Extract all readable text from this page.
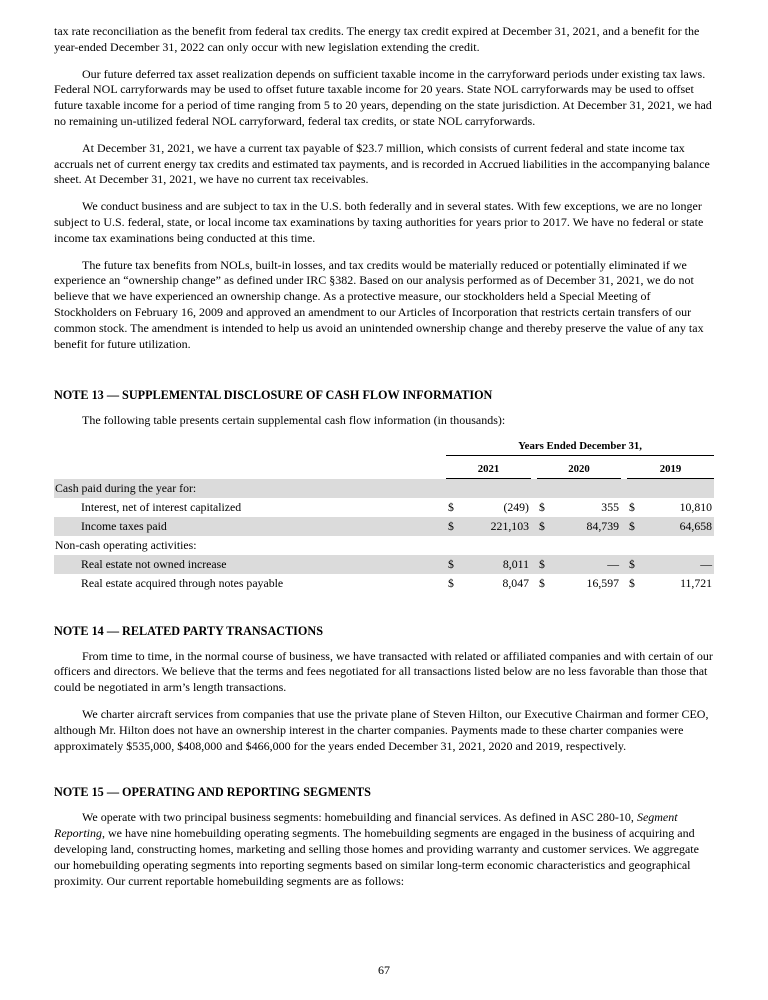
tax rate reconciliation as the benefit from federal tax credits. The energy tax credit expired at December 31, 2021, and a benefit for the year-ended December 31, 2022 can only occur with new legislation extending the credit.

Our future deferred tax asset realization depends on sufficient taxable income in the carryforward periods under existing tax laws. Federal NOL carryforwards may be used to offset future taxable income for 20 years. State NOL carryforwards may be used to offset future taxable income for a period of time ranging from 5 to 20 years, depending on the state jurisdiction. At December 31, 2021, we had no remaining un-utilized federal NOL carryforward, federal tax credits, or state NOL carryforwards.

At December 31, 2021, we have a current tax payable of $23.7 million, which consists of current federal and state income tax accruals net of current energy tax credits and estimated tax payments, and is recorded in Accrued liabilities in the accompanying balance sheet. At December 31, 2021, we have no current tax receivables.

We conduct business and are subject to tax in the U.S. both federally and in several states. With few exceptions, we are no longer subject to U.S. federal, state, or local income tax examinations by taxing authorities for years prior to 2017. We have no federal or state income tax examinations being conducted at this time.

The future tax benefits from NOLs, built-in losses, and tax credits would be materially reduced or potentially eliminated if we experience an “ownership change” as defined under IRC §382. Based on our analysis performed as of December 31, 2021, we do not believe that we have experienced an ownership change. As a protective measure, our stockholders held a Special Meeting of Stockholders on February 16, 2009 and approved an amendment to our Articles of Incorporation that restricts certain transfers of our common stock. The amendment is intended to help us avoid an unintended ownership change and thereby preserve the value of any tax benefit for future utilization.

NOTE 13 — SUPPLEMENTAL DISCLOSURE OF CASH FLOW INFORMATION

The following table presents certain supplemental cash flow information (in thousands):

	Years Ended December 31,							
	2021			2020			2019	
Cash paid during the year for:								
Interest, net of interest capitalized	$	(249)		$	355		$	10,810
Income taxes paid	$	221,103		$	84,739		$	64,658
Non-cash operating activities:								
Real estate not owned increase	$	8,011		$	—		$	—
Real estate acquired through notes payable	$	8,047		$	16,597		$	11,721
NOTE 14 — RELATED PARTY TRANSACTIONS

From time to time, in the normal course of business, we have transacted with related or affiliated companies and with certain of our officers and directors. We believe that the terms and fees negotiated for all transactions listed below are no less favorable than those that could be negotiated in arm’s length transactions.

We charter aircraft services from companies that use the private plane of Steven Hilton, our Executive Chairman and former CEO, although Mr. Hilton does not have an ownership interest in the charter companies. Payments made to these charter companies were approximately $535,000, $408,000 and $466,000 for the years ended December 31, 2021, 2020 and 2019, respectively.

NOTE 15 — OPERATING AND REPORTING SEGMENTS

We operate with two principal business segments: homebuilding and financial services. As defined in ASC 280-10, Segment Reporting, we have nine homebuilding operating segments. The homebuilding segments are engaged in the business of acquiring and developing land, constructing homes, marketing and selling those homes and providing warranty and customer services. We aggregate our homebuilding operating segments into reporting segments based on similar long-term economic characteristics and geographical proximity. Our current reportable homebuilding segments are as follows:

67
